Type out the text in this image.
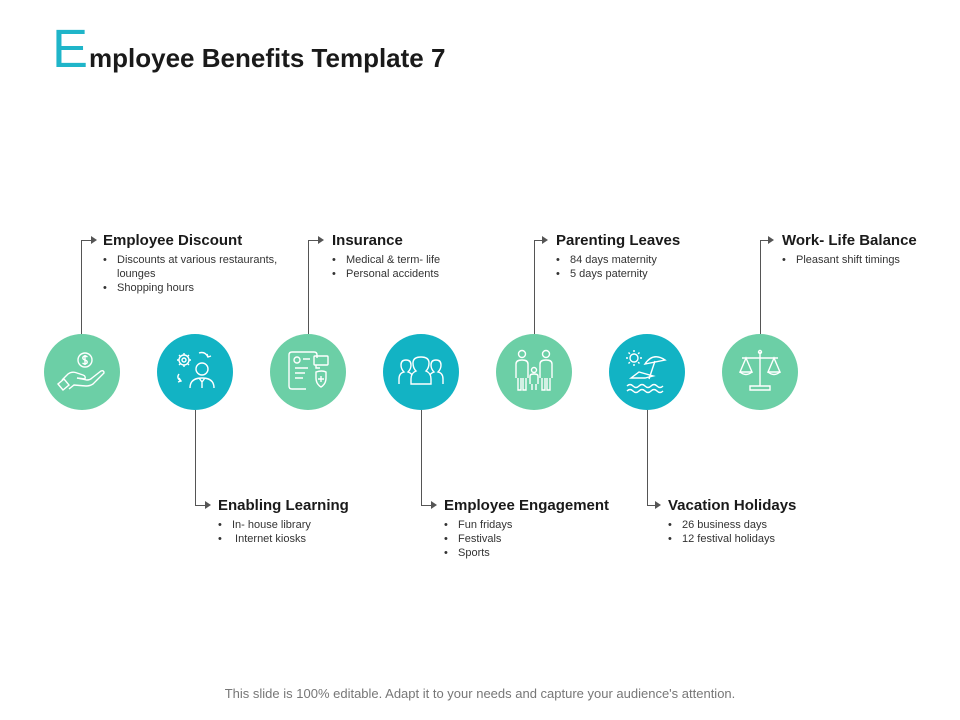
Employee Benefits Template 7
Employee Discount
• Discounts at various restaurants, lounges
• Shopping hours
Insurance
• Medical & term- life
• Personal accidents
Parenting Leaves
• 84 days maternity
• 5 days paternity
Work- Life Balance
• Pleasant shift timings
Enabling Learning
• In- house library
•  Internet kiosks
Employee Engagement
• Fun fridays
• Festivals
• Sports
Vacation Holidays
• 26 business days
• 12 festival holidays
This slide is 100% editable. Adapt it to your needs and capture your audience's attention.
